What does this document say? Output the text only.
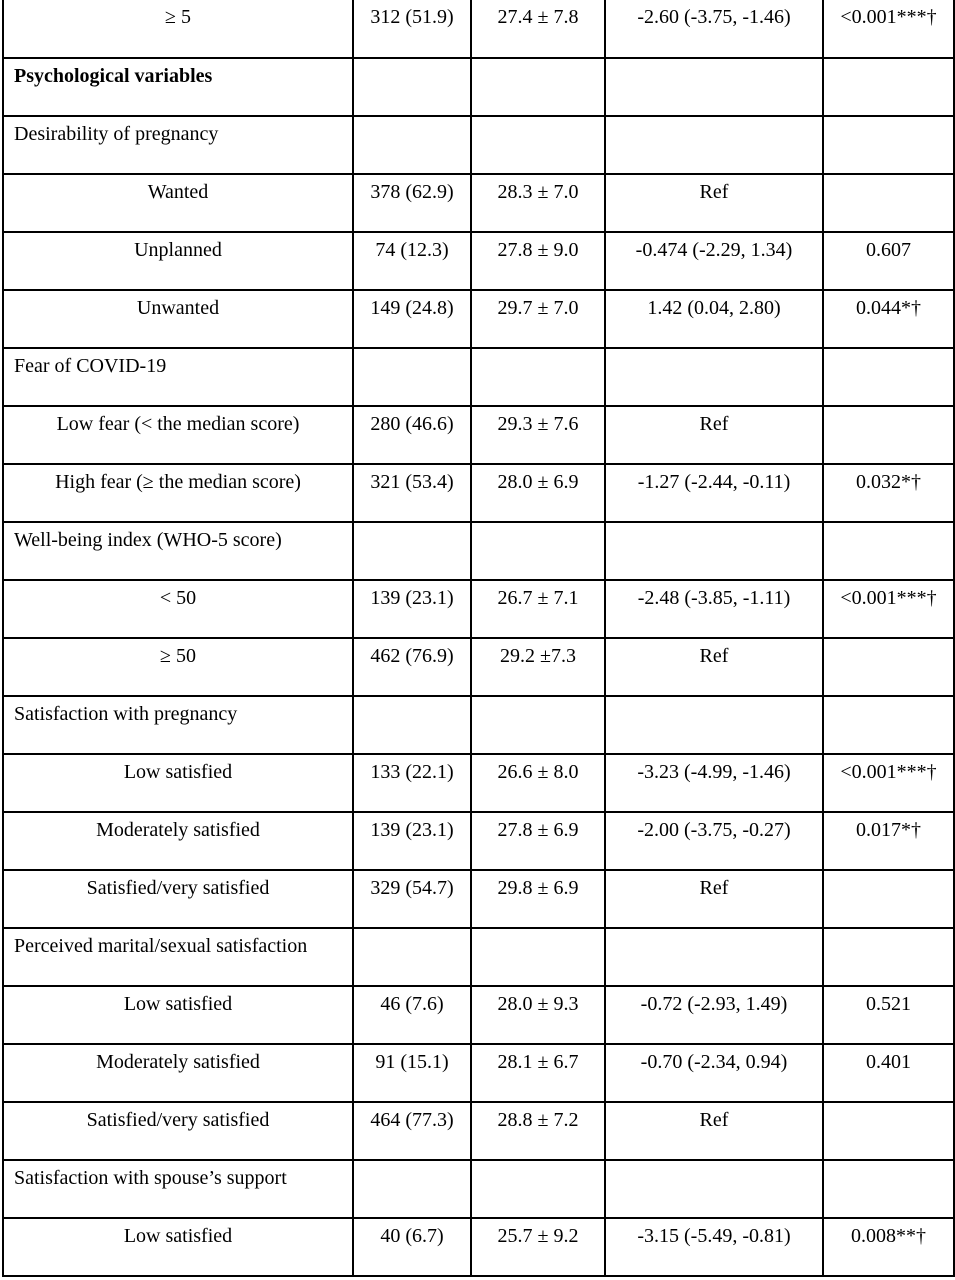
≥ 5	312 (51.9)	27.4 ± 7.8	-2.60 (-3.75, -1.46)	<0.001***†
Psychological variables				
Desirability of pregnancy				
Wanted	378 (62.9)	28.3 ± 7.0	Ref	
Unplanned	74 (12.3)	27.8 ± 9.0	-0.474 (-2.29, 1.34)	0.607
Unwanted	149 (24.8)	29.7 ± 7.0	1.42 (0.04, 2.80)	0.044*†
Fear of COVID-19				
Low fear (< the median score)	280 (46.6)	29.3 ± 7.6	Ref	
High fear (≥ the median score)	321 (53.4)	28.0 ± 6.9	-1.27 (-2.44, -0.11)	0.032*†
Well-being index (WHO-5 score)				
< 50	139 (23.1)	26.7 ± 7.1	-2.48 (-3.85, -1.11)	<0.001***†
≥ 50	462 (76.9)	29.2 ±7.3	Ref	
Satisfaction with pregnancy				
Low satisfied	133 (22.1)	26.6 ± 8.0	-3.23 (-4.99, -1.46)	<0.001***†
Moderately satisfied	139 (23.1)	27.8 ± 6.9	-2.00 (-3.75, -0.27)	0.017*†
Satisfied/very satisfied	329 (54.7)	29.8 ± 6.9	Ref	
Perceived marital/sexual satisfaction				
Low satisfied	46 (7.6)	28.0 ± 9.3	-0.72 (-2.93, 1.49)	0.521
Moderately satisfied	91 (15.1)	28.1 ± 6.7	-0.70 (-2.34, 0.94)	0.401
Satisfied/very satisfied	464 (77.3)	28.8 ± 7.2	Ref	
Satisfaction with spouse’s support				
Low satisfied	40 (6.7)	25.7 ± 9.2	-3.15 (-5.49, -0.81)	0.008**†
